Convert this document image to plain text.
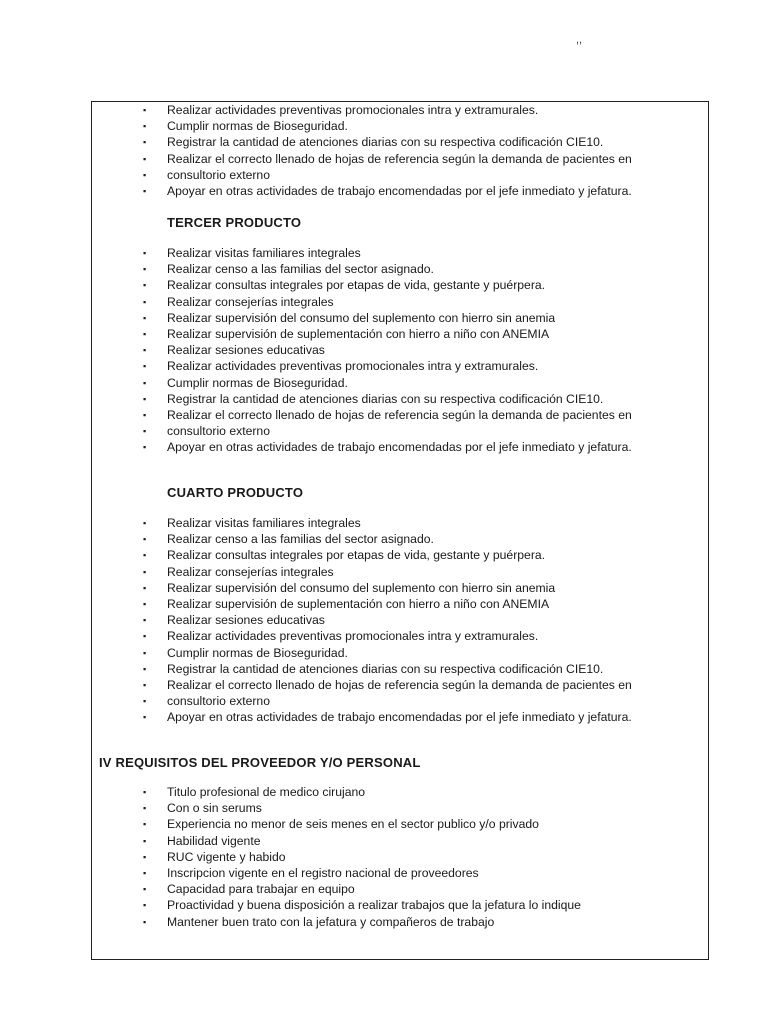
,,
▪ Realizar actividades preventivas promocionales intra y extramurales.
▪ Cumplir normas de Bioseguridad.
▪ Registrar la cantidad de atenciones diarias con su respectiva codificación CIE10.
▪ Realizar el correcto llenado de hojas de referencia según la demanda de pacientes en
▪ consultorio externo
▪ Apoyar en otras actividades de trabajo encomendadas por el jefe inmediato y jefatura.
TERCER PRODUCTO
▪ Realizar visitas familiares integrales
▪ Realizar censo a las familias del sector asignado.
▪ Realizar consultas integrales por etapas de vida, gestante y puérpera.
▪ Realizar consejerías integrales
▪ Realizar supervisión del consumo del suplemento con hierro sin anemia
▪ Realizar supervisión de suplementación con hierro a niño con ANEMIA
▪ Realizar sesiones educativas
▪ Realizar actividades preventivas promocionales intra y extramurales.
▪ Cumplir normas de Bioseguridad.
▪ Registrar la cantidad de atenciones diarias con su respectiva codificación CIE10.
▪ Realizar el correcto llenado de hojas de referencia según la demanda de pacientes en
▪ consultorio externo
▪ Apoyar en otras actividades de trabajo encomendadas por el jefe inmediato y jefatura.
CUARTO PRODUCTO
▪ Realizar visitas familiares integrales
▪ Realizar censo a las familias del sector asignado.
▪ Realizar consultas integrales por etapas de vida, gestante y puérpera.
▪ Realizar consejerías integrales
▪ Realizar supervisión del consumo del suplemento con hierro sin anemia
▪ Realizar supervisión de suplementación con hierro a niño con ANEMIA
▪ Realizar sesiones educativas
▪ Realizar actividades preventivas promocionales intra y extramurales.
▪ Cumplir normas de Bioseguridad.
▪ Registrar la cantidad de atenciones diarias con su respectiva codificación CIE10.
▪ Realizar el correcto llenado de hojas de referencia según la demanda de pacientes en
▪ consultorio externo
▪ Apoyar en otras actividades de trabajo encomendadas por el jefe inmediato y jefatura.
IV REQUISITOS DEL PROVEEDOR Y/O PERSONAL
▪ Titulo profesional de medico cirujano
▪ Con o sin serums
▪ Experiencia no menor de seis menes en el sector publico y/o privado
▪ Habilidad vigente
▪ RUC vigente y habido
▪ Inscripcion vigente en el registro nacional de proveedores
▪ Capacidad para trabajar en equipo
▪ Proactividad y buena disposición a realizar trabajos que la jefatura lo indique
▪ Mantener buen trato con la jefatura y compañeros de trabajo
